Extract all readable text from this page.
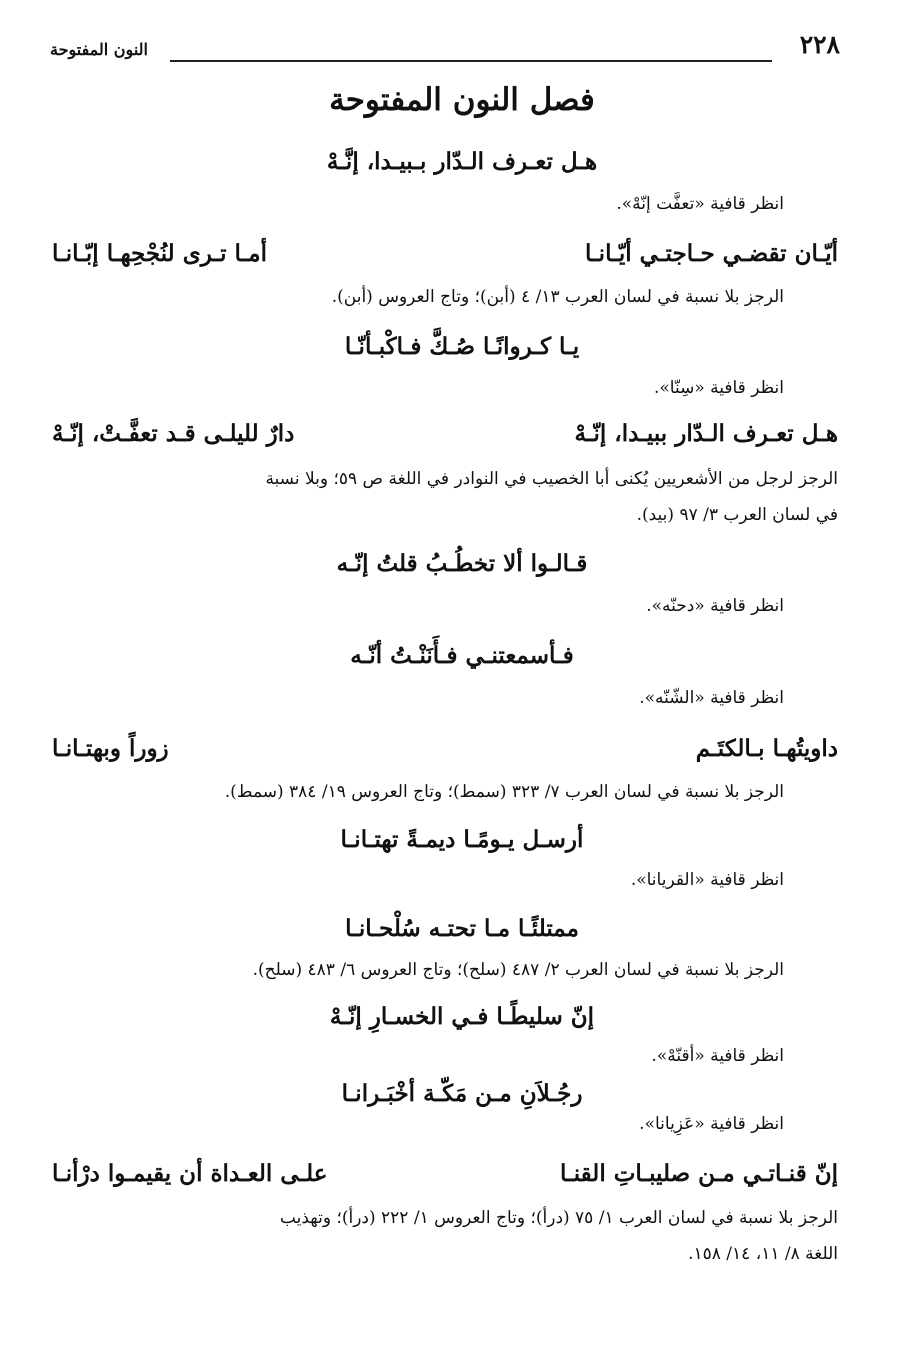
٢٢٨
النون المفتوحة
فصل النون المفتوحة
هـل تعـرف الـدّار بـبيـدا، إنَّـهْ
انظر قافية «تعفَّت إنّهْ».
أيّـان تقضـي حـاجتـي أيّـانـا
أمـا تـرى لنُجْحِهـا إبّـانـا
الرجز بلا نسبة في لسان العرب ١٣/ ٤ (أبن)؛ وتاج العروس (أبن).
يـا كـروانًـا صُـكَّ فـاكْبـأنّـا
انظر قافية «سِنّا».
هـل تعـرف الـدّار ببيـدا، إنّـهْ
دارٌ لليلـى قـد تعفَّـتْ، إنّـهْ
الرجز لرجل من الأشعريين يُكنى أبا الخصيب في النوادر في اللغة ص ٥٩؛ وبلا نسبة
في لسان العرب ٣/ ٩٧ (بيد).
قـالـوا ألا تخطُـبُ قلتُ إنّـه
انظر قافية «دحنّه».
فـأسمعتنـي فـأَنَنْـتُ أنّـه
انظر قافية «الشّنّه».
داويتُهـا بـالكتَـم
زوراً وبهتـانـا
الرجز بلا نسبة في لسان العرب ٧/ ٣٢٣ (سمط)؛ وتاج العروس ١٩/ ٣٨٤ (سمط).
أرسـل يـومًـا ديمـةً تهتـانـا
انظر قافية «القريانا».
ممتلئًـا مـا تحتـه سُلْحـانـا
الرجز بلا نسبة في لسان العرب ٢/ ٤٨٧ (سلح)؛ وتاج العروس ٦/ ٤٨٣ (سلح).
إنّ سليطًـا فـي الخسـارِ إنّـهْ
انظر قافية «أقنّهْ».
رجُـلاَنِ مـن مَكّـة أخْبَـرانـا
انظر قافية «عَزِيانا».
إنّ قنـاتـي مـن صليبـاتِ القنـا
علـى العـداة أن يقيمـوا درْأنـا
الرجز بلا نسبة في لسان العرب ١/ ٧٥ (درأ)؛ وتاج العروس ١/ ٢٢٢ (درأ)؛ وتهذيب
اللغة ٨/ ١١، ١٤/ ١٥٨.
